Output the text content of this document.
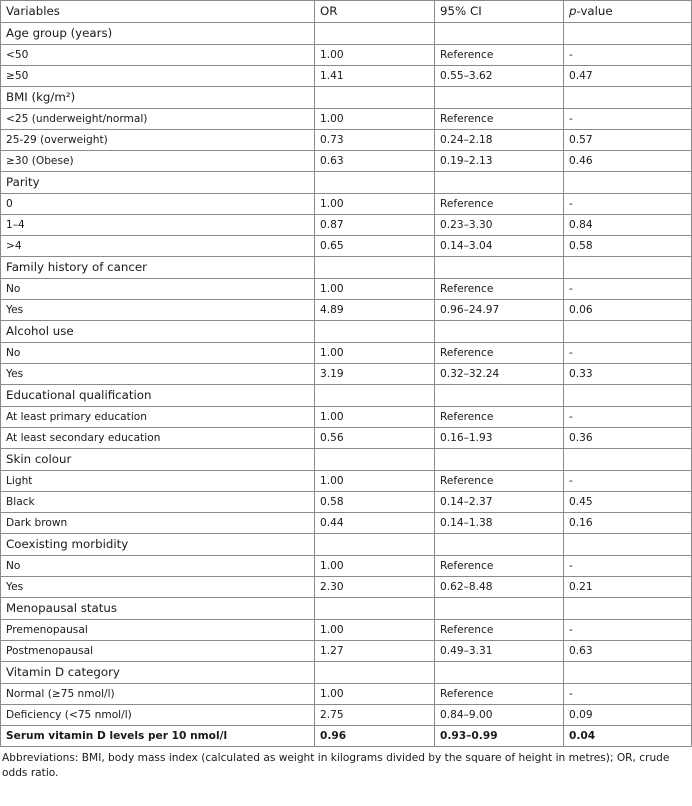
Variables	OR	95% CI	p-value
Age group (years)			
<50	1.00	Reference	-
≥50	1.41	0.55–3.62	0.47
BMI (kg/m²)			
<25 (underweight/normal)	1.00	Reference	-
25-29 (overweight)	0.73	0.24–2.18	0.57
≥30 (Obese)	0.63	0.19–2.13	0.46
Parity			
0	1.00	Reference	-
1–4	0.87	0.23–3.30	0.84
>4	0.65	0.14–3.04	0.58
Family history of cancer			
No	1.00	Reference	-
Yes	4.89	0.96–24.97	0.06
Alcohol use			
No	1.00	Reference	-
Yes	3.19	0.32–32.24	0.33
Educational qualification			
At least primary education	1.00	Reference	-
At least secondary education	0.56	0.16–1.93	0.36
Skin colour			
Light	1.00	Reference	-
Black	0.58	0.14–2.37	0.45
Dark brown	0.44	0.14–1.38	0.16
Coexisting morbidity			
No	1.00	Reference	-
Yes	2.30	0.62–8.48	0.21
Menopausal status			
Premenopausal	1.00	Reference	-
Postmenopausal	1.27	0.49–3.31	0.63
Vitamin D category			
Normal (≥75 nmol/l)	1.00	Reference	-
Deficiency (<75 nmol/l)	2.75	0.84–9.00	0.09
Serum vitamin D levels per 10 nmol/l	0.96	0.93–0.99	0.04
Abbreviations: BMI, body mass index (calculated as weight in kilograms divided by the square of height in metres); OR, crude odds ratio.
